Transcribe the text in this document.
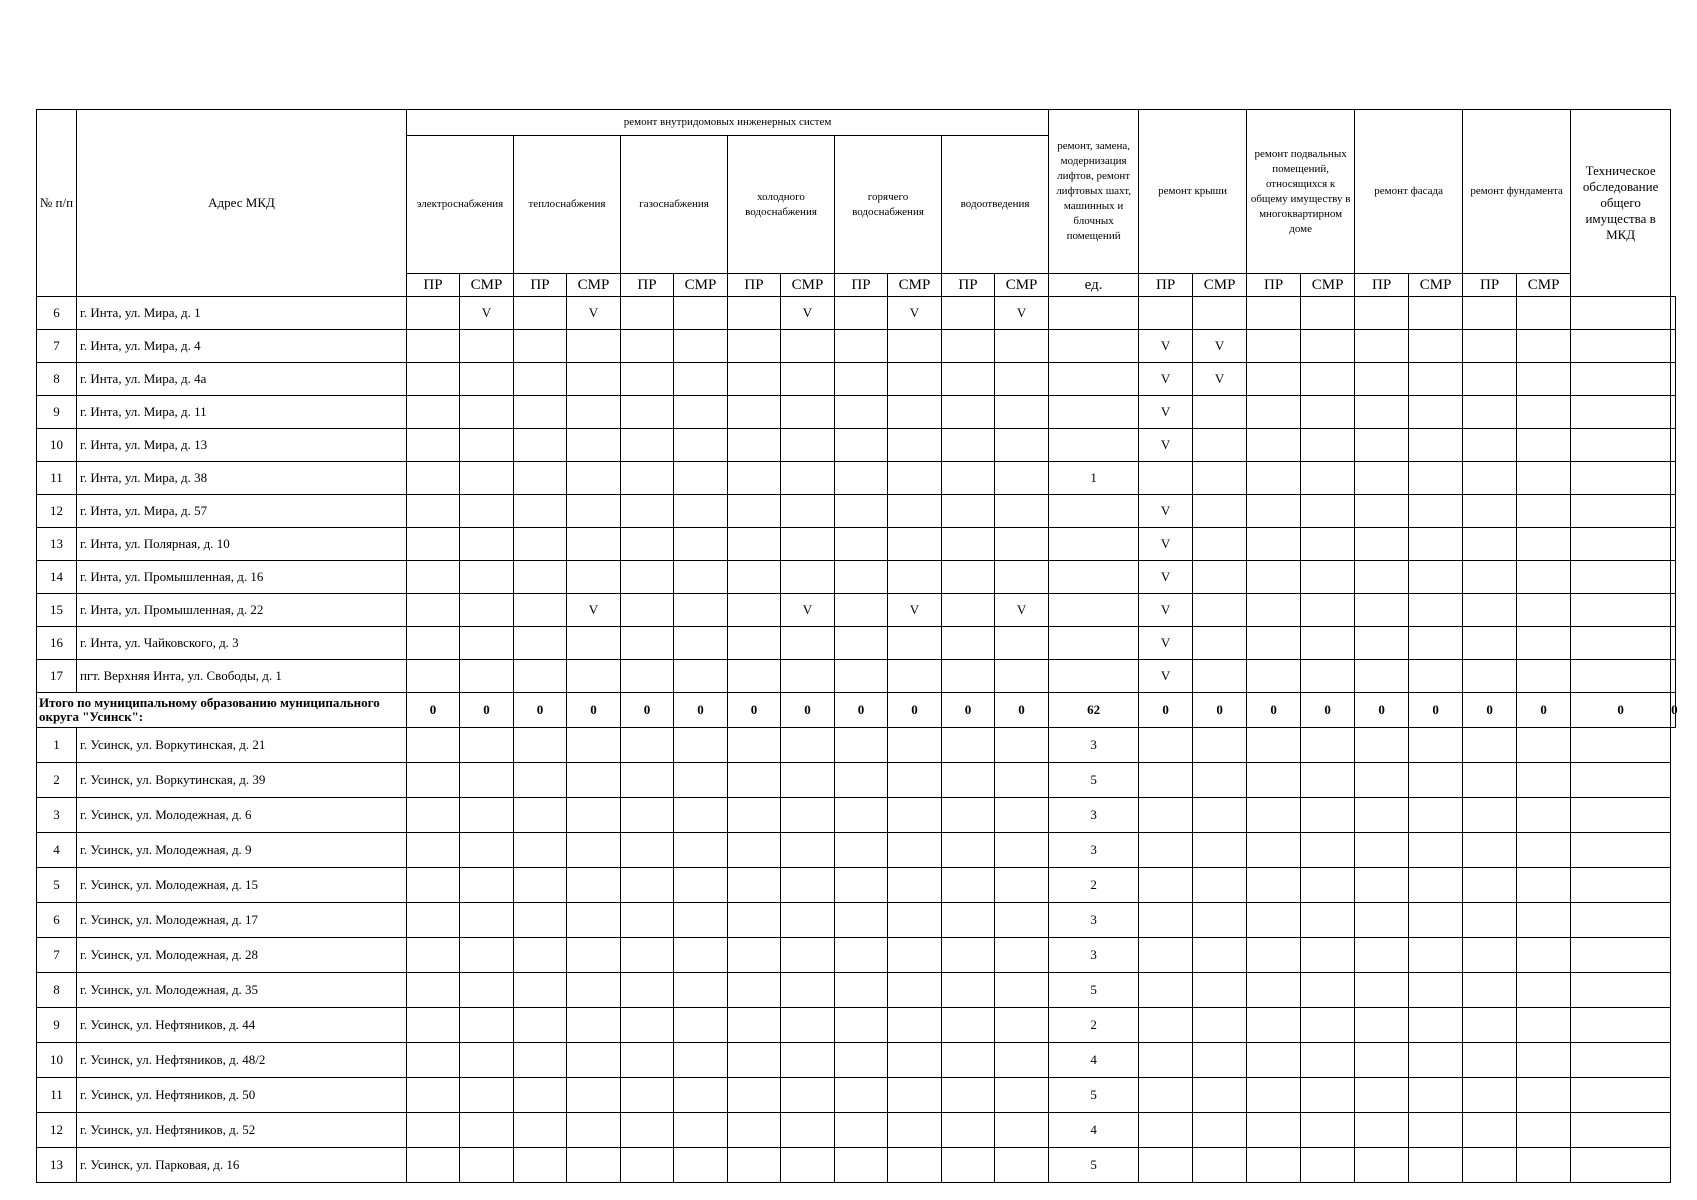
№ п/п	Адрес МКД	ремонт внутридомовых инженерных систем												ремонт, замена, модернизация лифтов, ремонт лифтовых шахт, машинных и блочных помещений	ремонт крыши		ремонт подвальных помещений, относящихся к общему имуществу в многоквартирном доме		ремонт фасада		ремонт фундамента		Техническое обследование общего имущества в МКД	
		электроснабжения		теплоснабжения		газоснабжения		холодного водоснабжения		горячего водоснабжения		водоотведения												
		ПР	СМР	ПР	СМР	ПР	СМР	ПР	СМР	ПР	СМР	ПР	СМР	ед.	ПР	СМР	ПР	СМР	ПР	СМР	ПР	СМР		
6	г. Инта, ул. Мира, д. 1		V		V				V		V		V											
7	г. Инта, ул. Мира, д. 4														V	V								
8	г. Инта, ул. Мира, д. 4а														V	V								
9	г. Инта, ул. Мира, д. 11														V									
10	г. Инта, ул. Мира, д. 13														V									
11	г. Инта, ул. Мира, д. 38													1										
12	г. Инта, ул. Мира, д. 57														V									
13	г. Инта, ул. Полярная, д. 10														V									
14	г. Инта, ул. Промышленная, д. 16														V									
15	г. Инта, ул. Промышленная, д. 22				V				V		V		V		V									
16	г. Инта, ул. Чайковского, д. 3														V									
17	пгт. Верхняя Инта, ул. Свободы, д. 1														V									
Итого по муниципальному образованию муниципального округа "Усинск":		0	0	0	0	0	0	0	0	0	0	0	0	62	0	0	0	0	0	0	0	0	0	0
1	г. Усинск, ул. Воркутинская, д. 21													3										
2	г. Усинск, ул. Воркутинская, д. 39													5										
3	г. Усинск, ул. Молодежная, д. 6													3										
4	г. Усинск, ул. Молодежная, д. 9													3										
5	г. Усинск, ул. Молодежная, д. 15													2										
6	г. Усинск, ул. Молодежная, д. 17													3										
7	г. Усинск, ул. Молодежная, д. 28													3										
8	г. Усинск, ул. Молодежная, д. 35													5										
9	г. Усинск, ул. Нефтяников, д. 44													2										
10	г. Усинск, ул. Нефтяников, д. 48/2													4										
11	г. Усинск, ул. Нефтяников, д. 50													5										
12	г. Усинск, ул. Нефтяников, д. 52													4										
13	г. Усинск, ул. Парковая, д. 16													5										
